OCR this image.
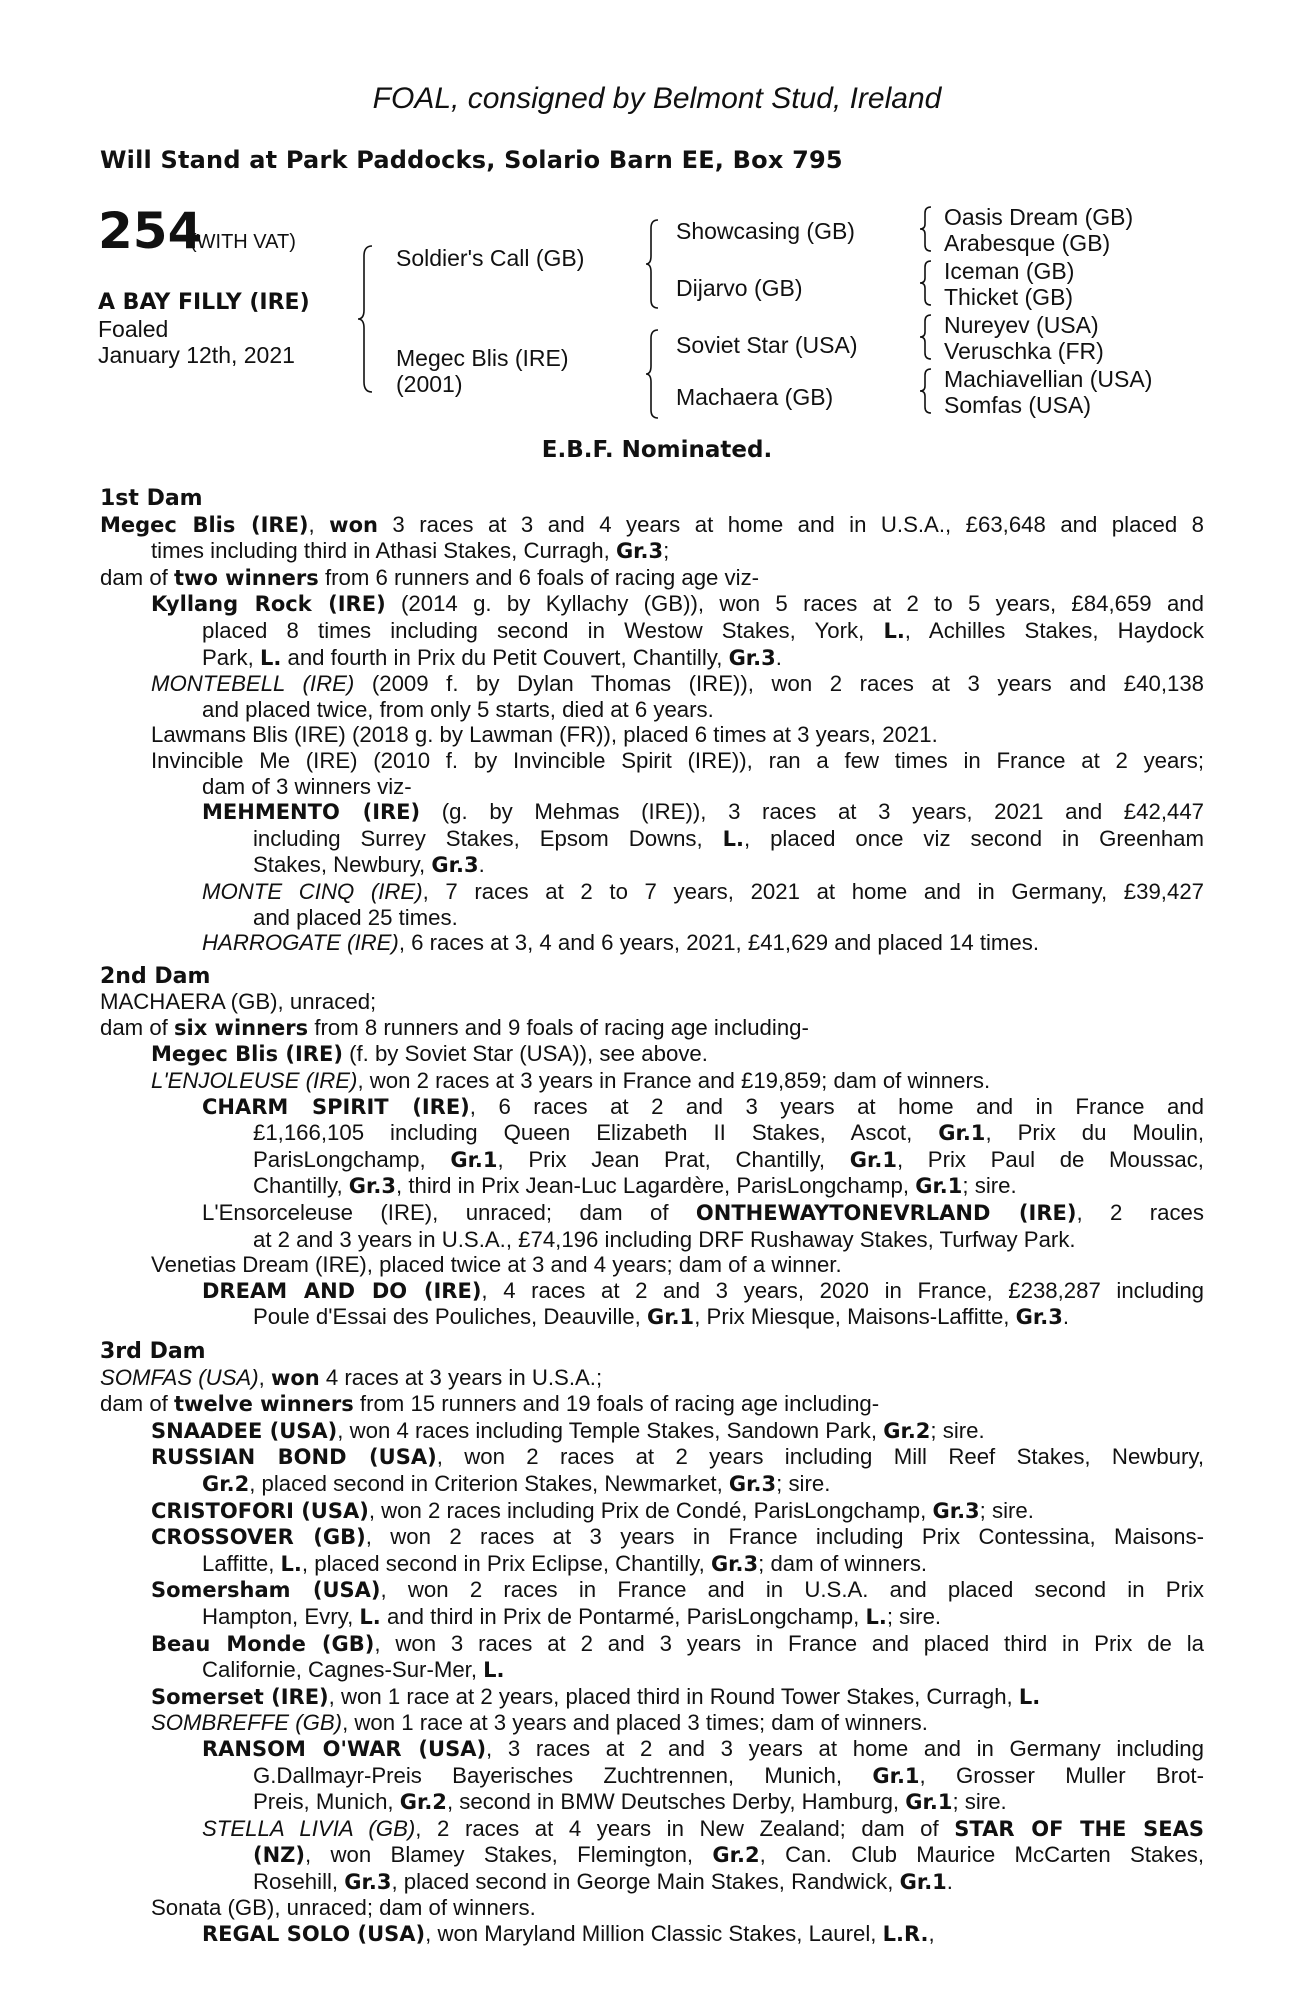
FOAL, consigned by Belmont Stud, Ireland
Will Stand at Park Paddocks, Solario Barn EE, Box 795
254
(WITH VAT)
A BAY FILLY (IRE)
Foaled
January 12th, 2021
Soldier's Call (GB)
Megec Blis (IRE)
(2001)
Showcasing (GB)
Dijarvo (GB)
Soviet Star (USA)
Machaera (GB)
Oasis Dream (GB)
Arabesque (GB)
Iceman (GB)
Thicket (GB)
Nureyev (USA)
Veruschka (FR)
Machiavellian (USA)
Somfas (USA)
E.B.F. Nominated.
1st Dam
Megec Blis (IRE), won 3 races at 3 and 4 years at home and in U.S.A., £63,648 and placed 8
times including third in Athasi Stakes, Curragh, Gr.3;
dam of two winners from 6 runners and 6 foals of racing age viz-
Kyllang Rock (IRE) (2014 g. by Kyllachy (GB)), won 5 races at 2 to 5 years, £84,659 and
placed 8 times including second in Westow Stakes, York, L., Achilles Stakes, Haydock
Park, L. and fourth in Prix du Petit Couvert, Chantilly, Gr.3.
MONTEBELL (IRE) (2009 f. by Dylan Thomas (IRE)), won 2 races at 3 years and £40,138
and placed twice, from only 5 starts, died at 6 years.
Lawmans Blis (IRE) (2018 g. by Lawman (FR)), placed 6 times at 3 years, 2021.
Invincible Me (IRE) (2010 f. by Invincible Spirit (IRE)), ran a few times in France at 2 years;
dam of 3 winners viz-
MEHMENTO (IRE) (g. by Mehmas (IRE)), 3 races at 3 years, 2021 and £42,447
including Surrey Stakes, Epsom Downs, L., placed once viz second in Greenham
Stakes, Newbury, Gr.3.
MONTE CINQ (IRE), 7 races at 2 to 7 years, 2021 at home and in Germany, £39,427
and placed 25 times.
HARROGATE (IRE), 6 races at 3, 4 and 6 years, 2021, £41,629 and placed 14 times.
2nd Dam
MACHAERA (GB), unraced;
dam of six winners from 8 runners and 9 foals of racing age including-
Megec Blis (IRE) (f. by Soviet Star (USA)), see above.
L'ENJOLEUSE (IRE), won 2 races at 3 years in France and £19,859; dam of winners.
CHARM SPIRIT (IRE), 6 races at 2 and 3 years at home and in France and
£1,166,105 including Queen Elizabeth II Stakes, Ascot, Gr.1, Prix du Moulin,
ParisLongchamp, Gr.1, Prix Jean Prat, Chantilly, Gr.1, Prix Paul de Moussac,
Chantilly, Gr.3, third in Prix Jean-Luc Lagardère, ParisLongchamp, Gr.1; sire.
L'Ensorceleuse (IRE), unraced; dam of ONTHEWAYTONEVRLAND (IRE), 2 races
at 2 and 3 years in U.S.A., £74,196 including DRF Rushaway Stakes, Turfway Park.
Venetias Dream (IRE), placed twice at 3 and 4 years; dam of a winner.
DREAM AND DO (IRE), 4 races at 2 and 3 years, 2020 in France, £238,287 including
Poule d'Essai des Pouliches, Deauville, Gr.1, Prix Miesque, Maisons-Laffitte, Gr.3.
3rd Dam
SOMFAS (USA), won 4 races at 3 years in U.S.A.;
dam of twelve winners from 15 runners and 19 foals of racing age including-
SNAADEE (USA), won 4 races including Temple Stakes, Sandown Park, Gr.2; sire.
RUSSIAN BOND (USA), won 2 races at 2 years including Mill Reef Stakes, Newbury,
Gr.2, placed second in Criterion Stakes, Newmarket, Gr.3; sire.
CRISTOFORI (USA), won 2 races including Prix de Condé, ParisLongchamp, Gr.3; sire.
CROSSOVER (GB), won 2 races at 3 years in France including Prix Contessina, Maisons-
Laffitte, L., placed second in Prix Eclipse, Chantilly, Gr.3; dam of winners.
Somersham (USA), won 2 races in France and in U.S.A. and placed second in Prix
Hampton, Evry, L. and third in Prix de Pontarmé, ParisLongchamp, L.; sire.
Beau Monde (GB), won 3 races at 2 and 3 years in France and placed third in Prix de la
Californie, Cagnes-Sur-Mer, L.
Somerset (IRE), won 1 race at 2 years, placed third in Round Tower Stakes, Curragh, L.
SOMBREFFE (GB), won 1 race at 3 years and placed 3 times; dam of winners.
RANSOM O'WAR (USA), 3 races at 2 and 3 years at home and in Germany including
G.Dallmayr-Preis Bayerisches Zuchtrennen, Munich, Gr.1, Grosser Muller Brot-
Preis, Munich, Gr.2, second in BMW Deutsches Derby, Hamburg, Gr.1; sire.
STELLA LIVIA (GB), 2 races at 4 years in New Zealand; dam of STAR OF THE SEAS
(NZ), won Blamey Stakes, Flemington, Gr.2, Can. Club Maurice McCarten Stakes,
Rosehill, Gr.3, placed second in George Main Stakes, Randwick, Gr.1.
Sonata (GB), unraced; dam of winners.
REGAL SOLO (USA), won Maryland Million Classic Stakes, Laurel, L.R.,
